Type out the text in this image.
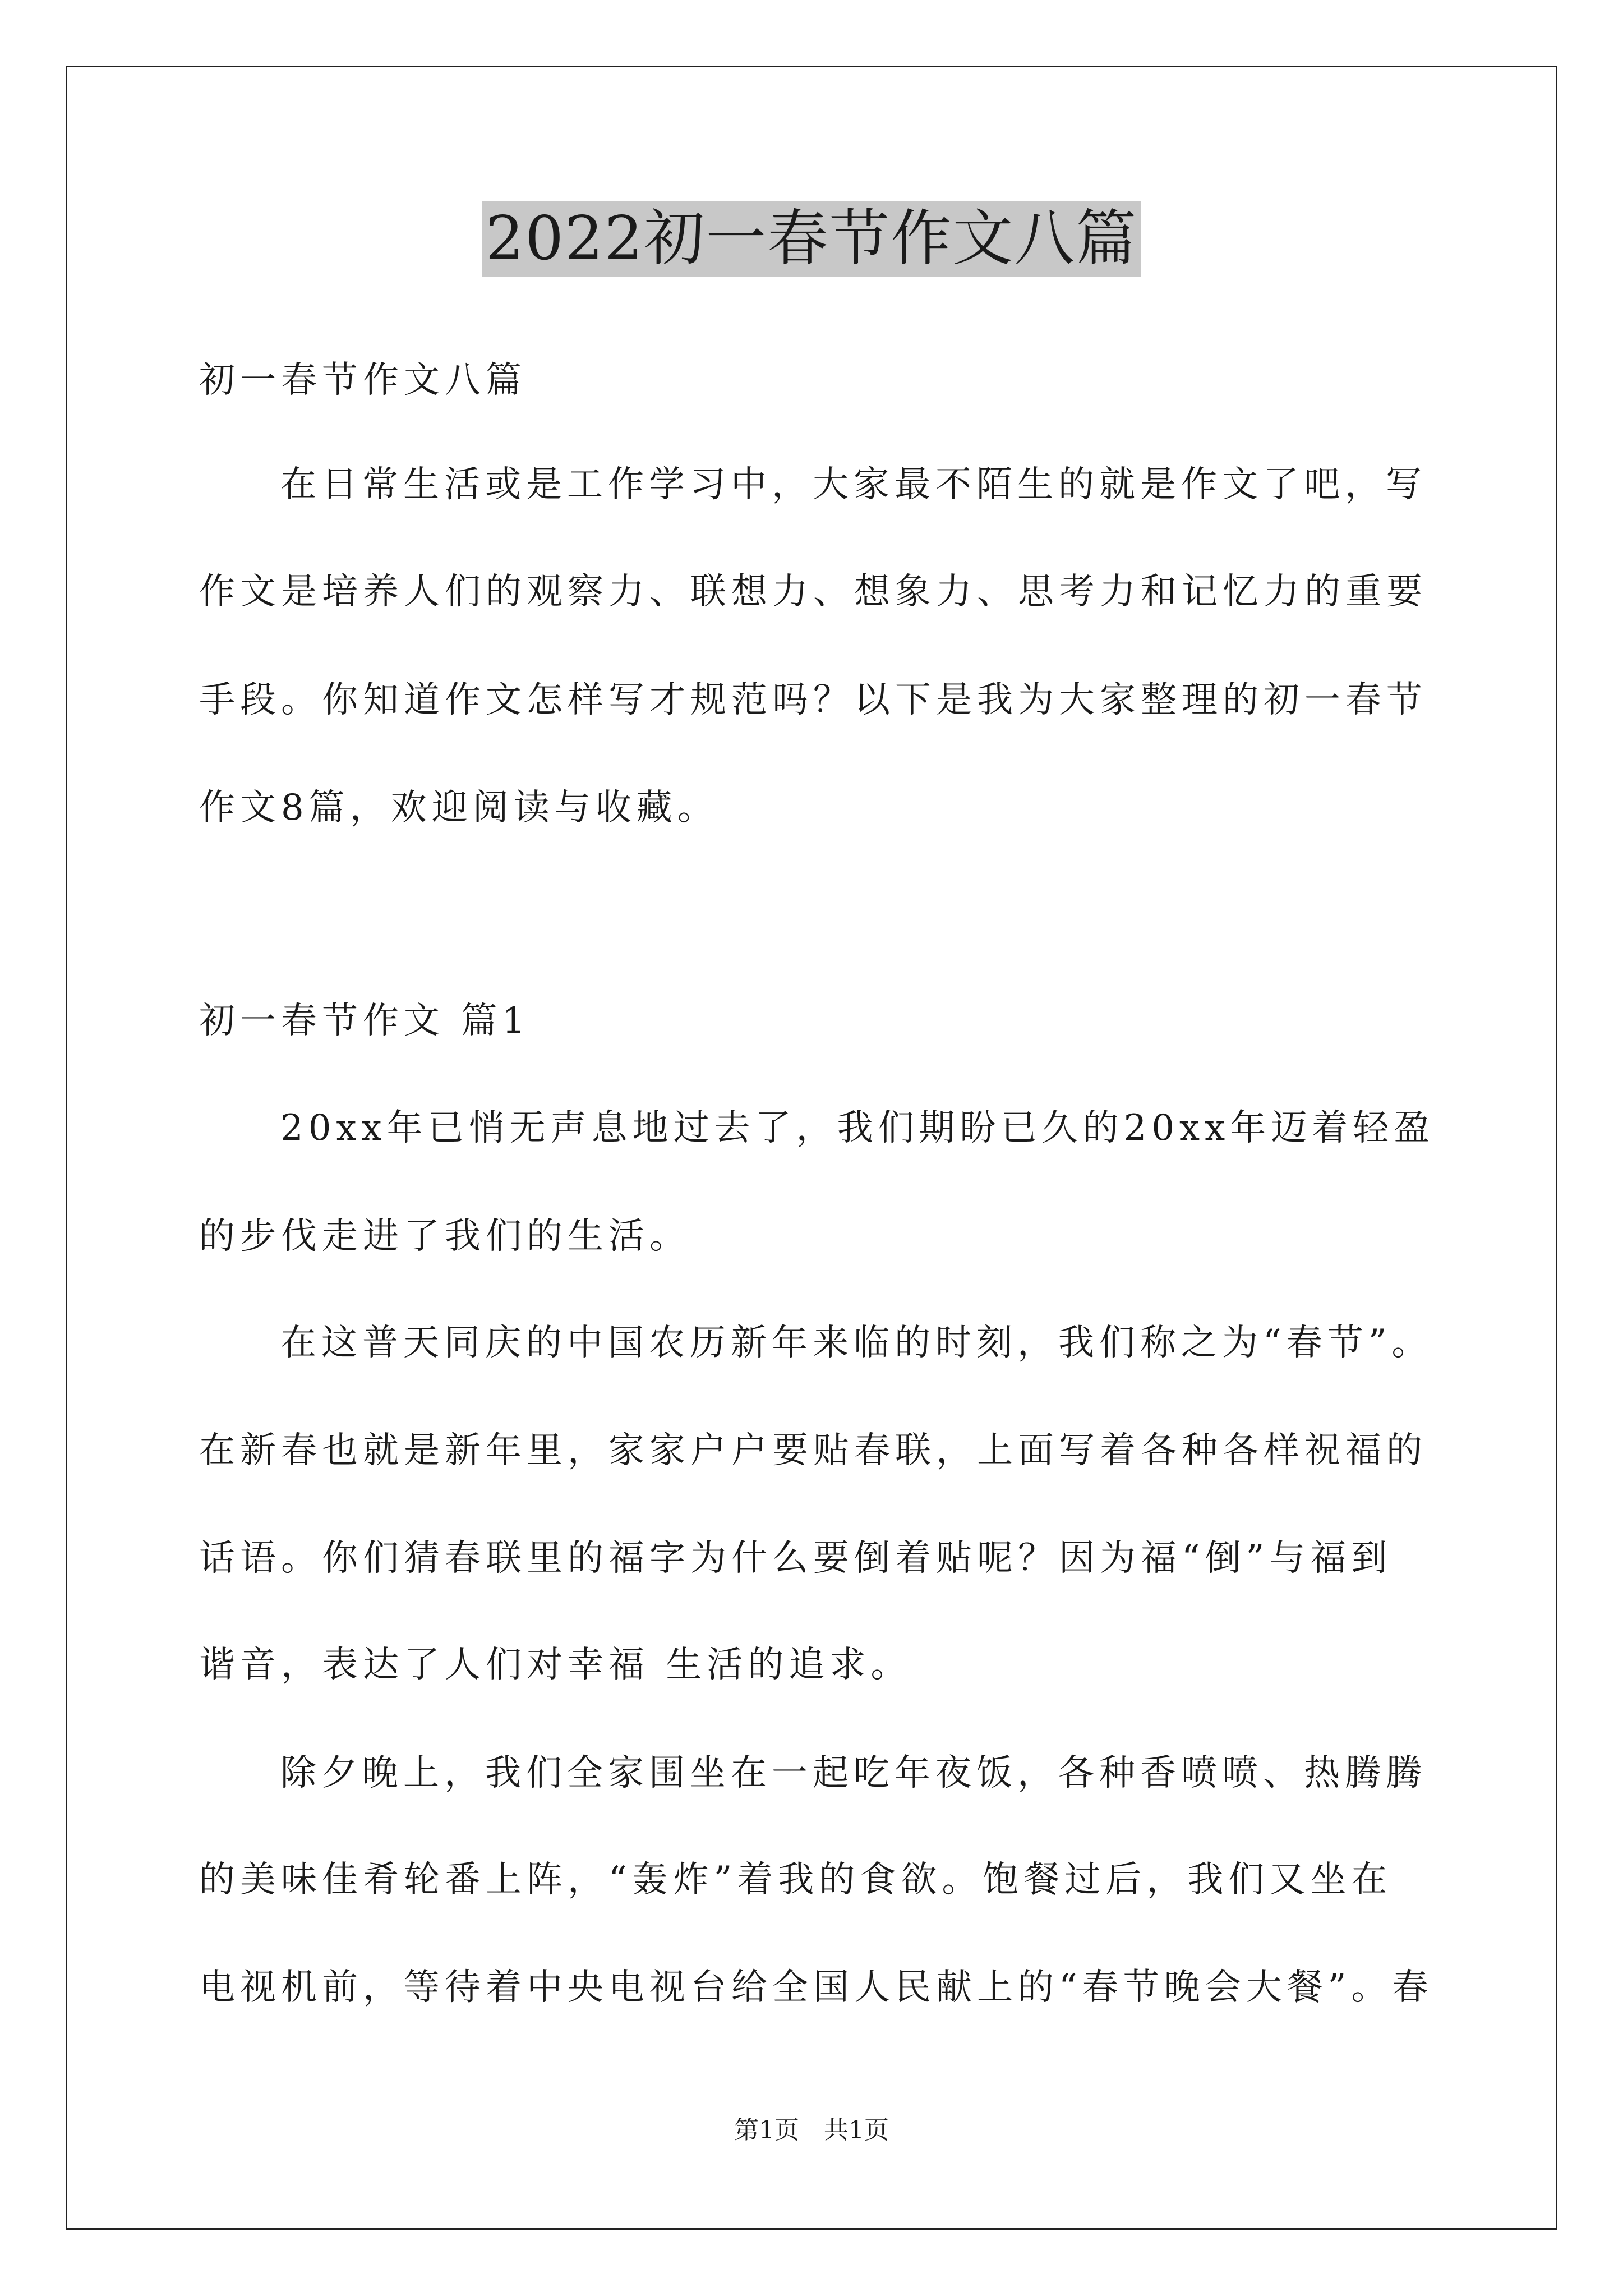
2022初一春节作文八篇
初一春节作文八篇
在日常生活或是工作学习中，大家最不陌生的就是作文了吧，写
作文是培养人们的观察力、联想力、想象力、思考力和记忆力的重要
手段。你知道作文怎样写才规范吗？以下是我为大家整理的初一春节
作文8篇，欢迎阅读与收藏。
初一春节作文 篇1
20xx年已悄无声息地过去了，我们期盼已久的20xx年迈着轻盈
的步伐走进了我们的生活。
在这普天同庆的中国农历新年来临的时刻，我们称之为“春节”。
在新春也就是新年里，家家户户要贴春联，上面写着各种各样祝福的
话语。你们猜春联里的福字为什么要倒着贴呢？因为福“倒”与福到
谐音，表达了人们对幸福 生活的追求。
除夕晚上，我们全家围坐在一起吃年夜饭，各种香喷喷、热腾腾
的美味佳肴轮番上阵，“轰炸”着我的食欲。饱餐过后，我们又坐在
电视机前，等待着中央电视台给全国人民献上的“春节晚会大餐”。春
第1页　共1页
